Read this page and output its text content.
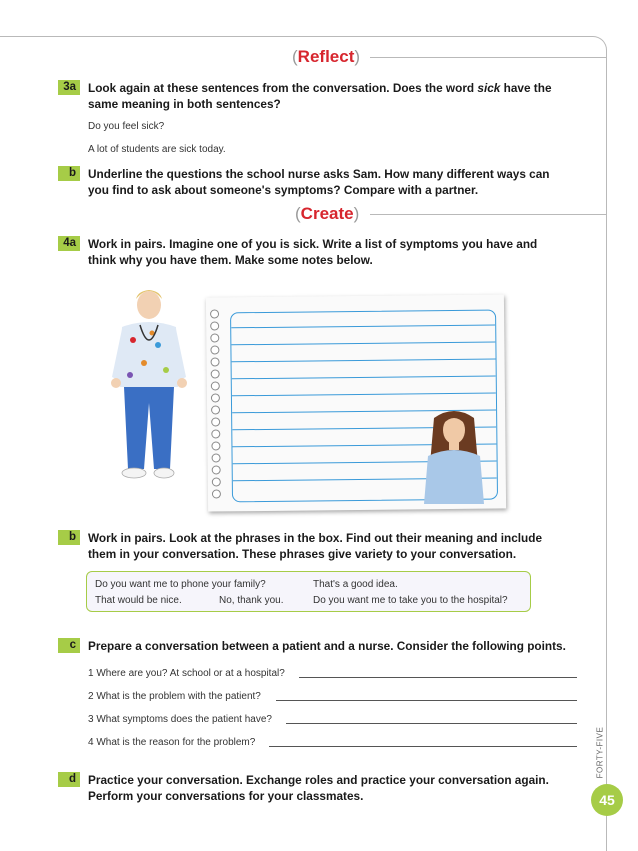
(Reflect)
3a	Look again at these sentences from the conversation. Does the word sick have the
same meaning in both sentences?
Do you feel sick?
A lot of students are sick today.
b	Underline the questions the school nurse asks Sam. How many different ways can
you find to ask about someone's symptoms? Compare with a partner.
(Create)
4a	Work in pairs. Imagine one of you is sick. Write a list of symptoms you have and
think why you have them. Make some notes below.
b	Work in pairs. Look at the phrases in the box. Find out their meaning and include
them in your conversation. These phrases give variety to your conversation.
Do you want me to phone your family?	That's a good idea.
That would be nice.	No, thank you.	Do you want me to take you to the hospital?
c	Prepare a conversation between a patient and a nurse. Consider the following points.
1 Where are you? At school or at a hospital?
2 What is the problem with the patient?
3 What symptoms does the patient have?
4 What is the reason for the problem?
d	Practice your conversation. Exchange roles and practice your conversation again.
Perform your conversations for your classmates.
FORTY-FIVE
45
